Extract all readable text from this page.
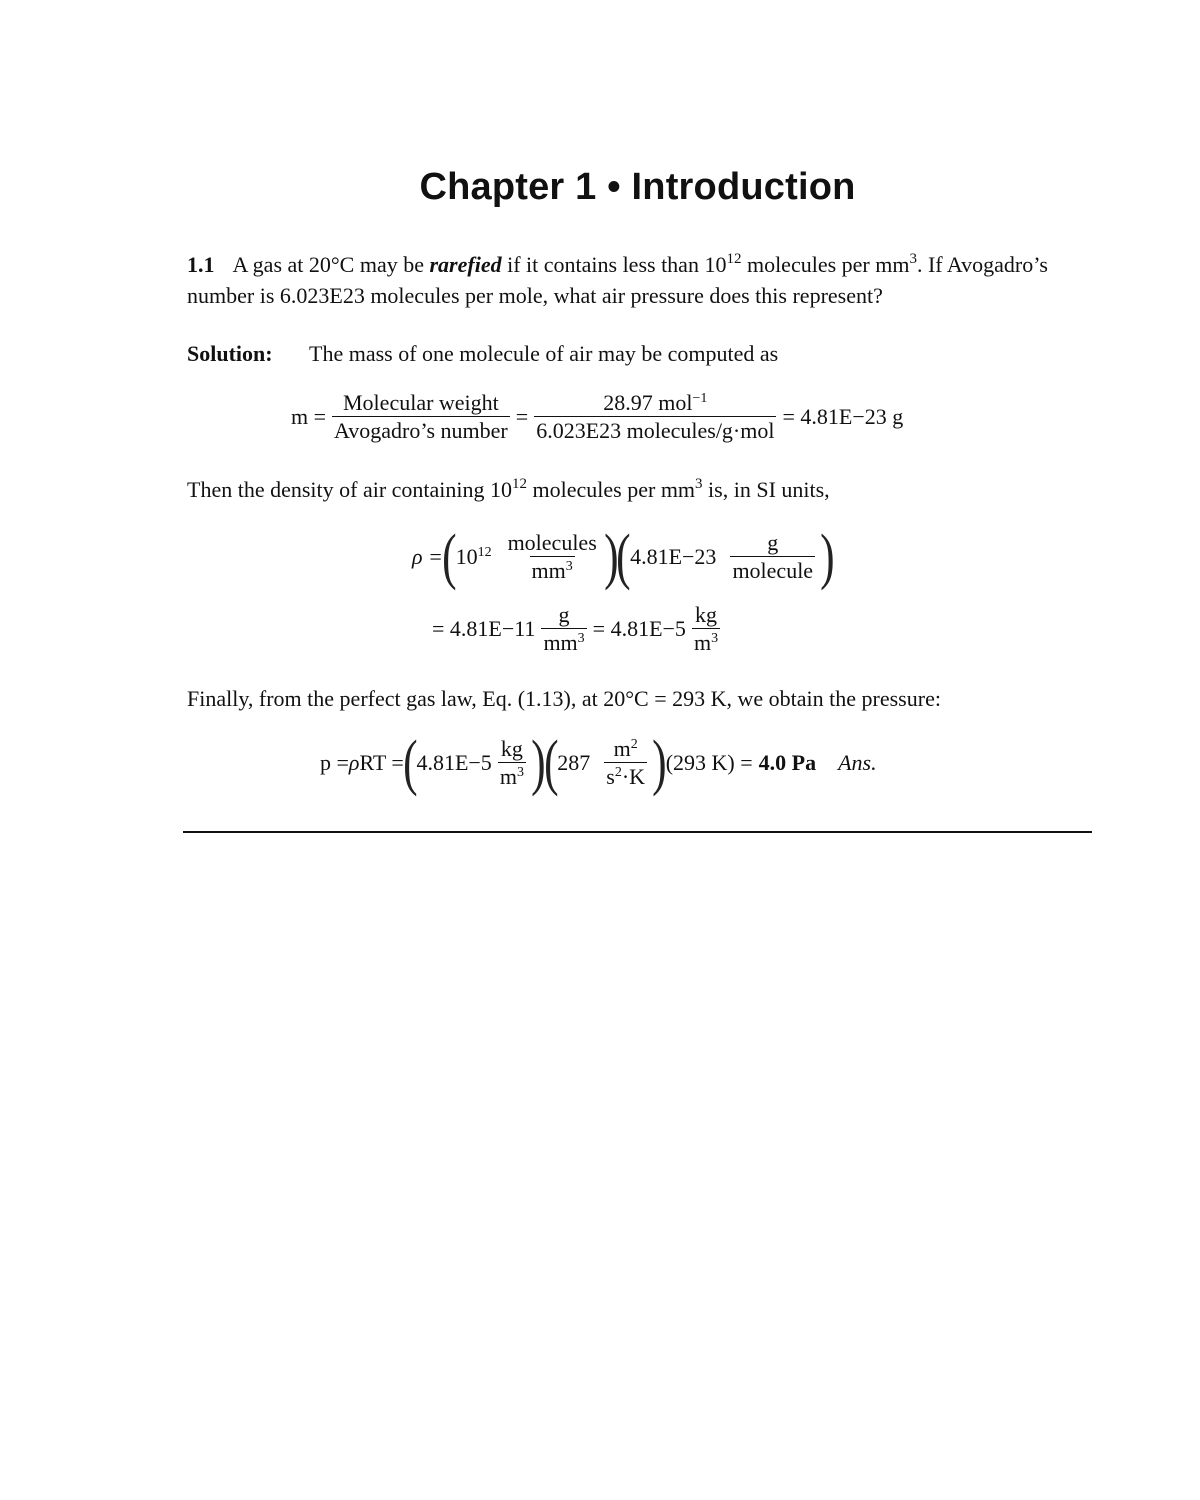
Chapter 1 • Introduction
1.1 A gas at 20°C may be rarefied if it contains less than $10^{12}$ molecules per $mm^3$. If Avogadro’s number is 6.023E23 molecules per mole, what air pressure does this represent?
Solution: The mass of one molecule of air may be computed as
$m = \frac{\text{Molecular weight}}{\text{Avogadro’s number}} = \frac{28.97 mol^{-1}}{\text{6.023E23 molecules/g·mol}} = 4.81E-23$ g
Then the density of air containing $10^{12}$ molecules per $mm^3$ is, in SI units,
ρ = ( $10^{12} \frac{\text{molecules}}{mm^3}$ )
( $4.81E-23 \frac{g}{\text{molecule}}$ )
= $4.81E-11 \frac{g}{mm^3} = 4.81E-5 \frac{kg}{m^3}$
Finally, from the perfect gas law, Eq. (1.13), at 20°C = 293 K, we obtain the pressure:
p = ρ RT = ( $4.81E-5 \frac{kg}{m^3}$ )
( $287 \frac{m^2}{s^2\cdot K}$ ) (293 K) = 4.0 Pa Ans.
